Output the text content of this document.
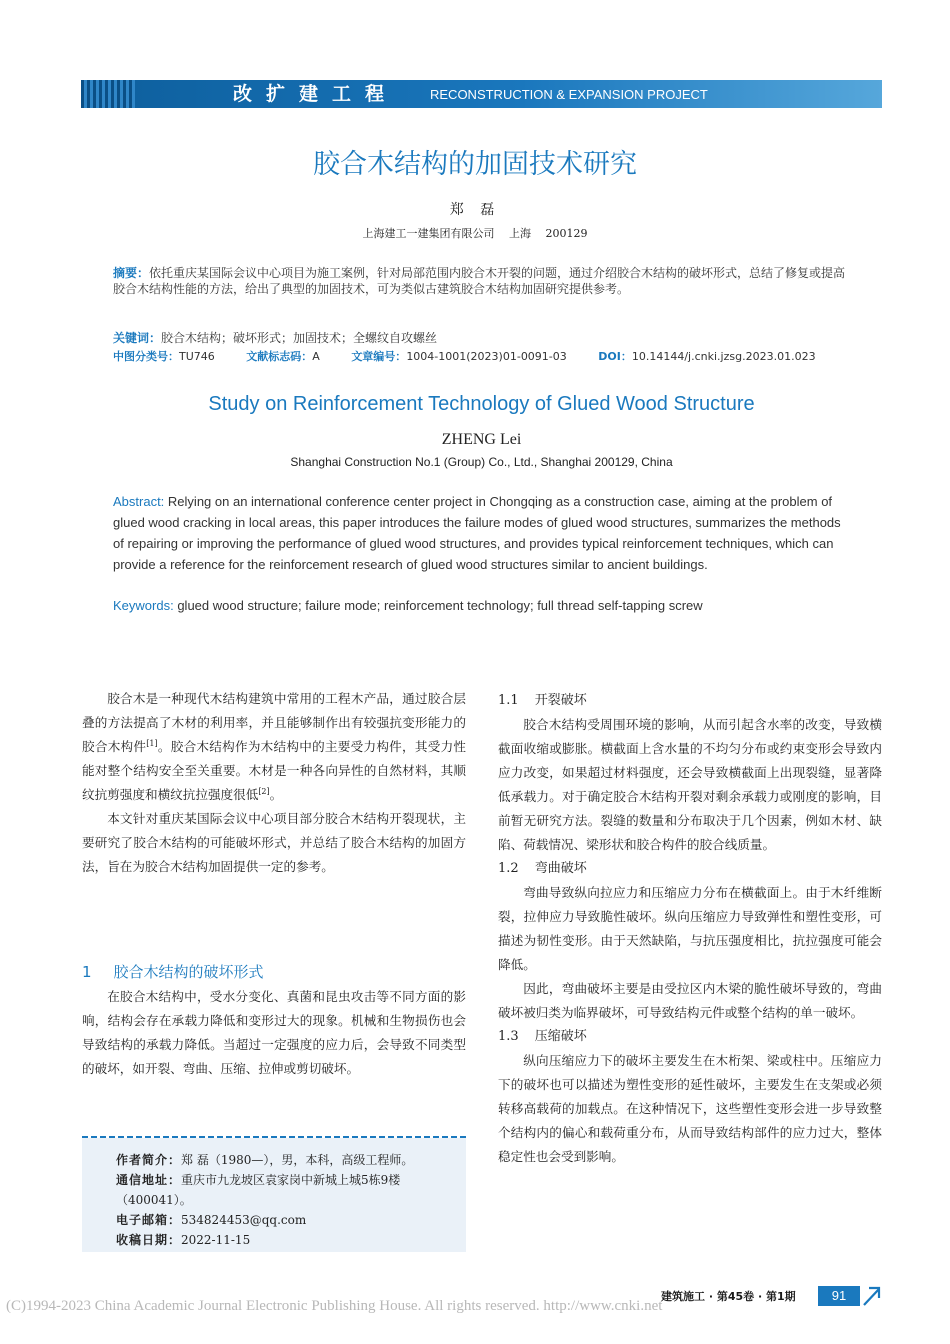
改扩建工程 RECONSTRUCTION & EXPANSION PROJECT
胶合木结构的加固技术研究
郑 磊
上海建工一建集团有限公司　 上海　 200129
摘要：依托重庆某国际会议中心项目为施工案例，针对局部范围内胶合木开裂的问题，通过介绍胶合木结构的破坏形式，总结了修复或提高胶合木结构性能的方法，给出了典型的加固技术，可为类似古建筑胶合木结构加固研究提供参考。
关键词：胶合木结构；破坏形式；加固技术；全螺纹自攻螺丝
中图分类号：TU746	文献标志码：A	文章编号：1004-1001(2023)01-0091-03	DOI：10.14144/j.cnki.jzsg.2023.01.023
Study on Reinforcement Technology of Glued Wood Structure
ZHENG Lei
Shanghai Construction No.1 (Group) Co., Ltd., Shanghai 200129, China
Abstract: Relying on an international conference center project in Chongqing as a construction case, aiming at the problem of glued wood cracking in local areas, this paper introduces the failure modes of glued wood structures, summarizes the methods of repairing or improving the performance of glued wood structures, and provides typical reinforcement techniques, which can provide a reference for the reinforcement research of glued wood structures similar to ancient buildings.
Keywords: glued wood structure; failure mode; reinforcement technology; full thread self-tapping screw

胶合木是一种现代木结构建筑中常用的工程木产品，通过胶合层叠的方法提高了木材的利用率，并且能够制作出有较强抗变形能力的胶合木构件[1]。胶合木结构作为木结构中的主要受力构件，其受力性能对整个结构安全至关重要。木材是一种各向异性的自然材料，其顺纹抗剪强度和横纹抗拉强度很低[2]。

本文针对重庆某国际会议中心项目部分胶合木结构开裂现状，主要研究了胶合木结构的可能破坏形式，并总结了胶合木结构的加固方法，旨在为胶合木结构加固提供一定的参考。

1 胶合木结构的破坏形式

在胶合木结构中，受水分变化、真菌和昆虫攻击等不同方面的影响，结构会存在承载力降低和变形过大的现象。机械和生物损伤也会导致结构的承载力降低。当超过一定强度的应力后，会导致不同类型的破坏，如开裂、弯曲、压缩、拉伸或剪切破坏。

作者简介：郑 磊（1980—），男，本科，高级工程师。
通信地址：重庆市九龙坡区袁家岗中新城上城5栋9楼
（400041）。
电子邮箱：534824453@qq.com
收稿日期：2022-11-15
1.1 开裂破坏

胶合木结构受周围环境的影响，从而引起含水率的改变，导致横截面收缩或膨胀。横截面上含水量的不均匀分布或约束变形会导致内应力改变，如果超过材料强度，还会导致横截面上出现裂缝，显著降低承载力。对于确定胶合木结构开裂对剩余承载力或刚度的影响，目前暂无研究方法。裂缝的数量和分布取决于几个因素，例如木材、缺陷、荷载情况、梁形状和胶合构件的胶合线质量。

1.2 弯曲破坏

弯曲导致纵向拉应力和压缩应力分布在横截面上。由于木纤维断裂，拉伸应力导致脆性破坏。纵向压缩应力导致弹性和塑性变形，可描述为韧性变形。由于天然缺陷，与抗压强度相比，抗拉强度可能会降低。

因此，弯曲破坏主要是由受拉区内木梁的脆性破坏导致的，弯曲破坏被归类为临界破坏，可导致结构元件或整个结构的单一破坏。

1.3 压缩破坏

纵向压缩应力下的破坏主要发生在木桁架、梁或柱中。压缩应力下的破坏也可以描述为塑性变形的延性破坏，主要发生在支架或必须转移高载荷的加载点。在这种情况下，这些塑性变形会进一步导致整个结构内的偏心和载荷重分布，从而导致结构部件的应力过大，整体稳定性也会受到影响。

建筑施工 · 第45卷 · 第1期	91
(C)1994-2023 China Academic Journal Electronic Publishing House. All rights reserved. http://www.cnki.net
